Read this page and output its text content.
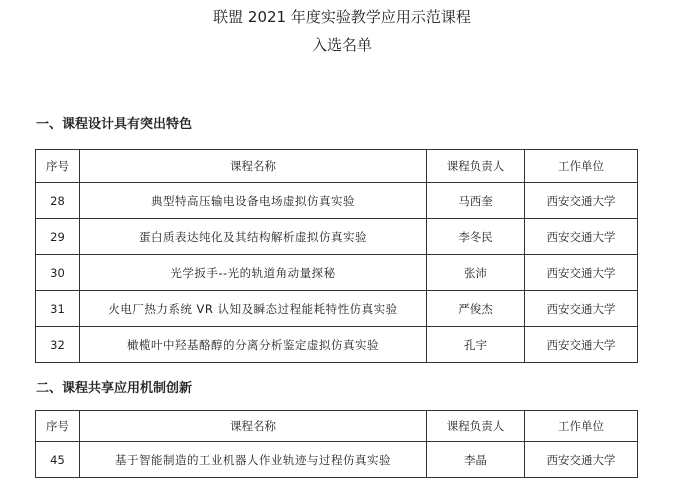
联盟 2021 年度实验教学应用示范课程
入选名单
一、课程设计具有突出特色
序号	课程名称	课程负责人	工作单位
28	典型特高压输电设备电场虚拟仿真实验	马西奎	西安交通大学
29	蛋白质表达纯化及其结构解析虚拟仿真实验	李冬民	西安交通大学
30	光学扳手--光的轨道角动量探秘	张沛	西安交通大学
31	火电厂热力系统 VR 认知及瞬态过程能耗特性仿真实验	严俊杰	西安交通大学
32	橄榄叶中羟基酪醇的分离分析鉴定虚拟仿真实验	孔宇	西安交通大学
二、课程共享应用机制创新
序号	课程名称	课程负责人	工作单位
45	基于智能制造的工业机器人作业轨迹与过程仿真实验	李晶	西安交通大学
